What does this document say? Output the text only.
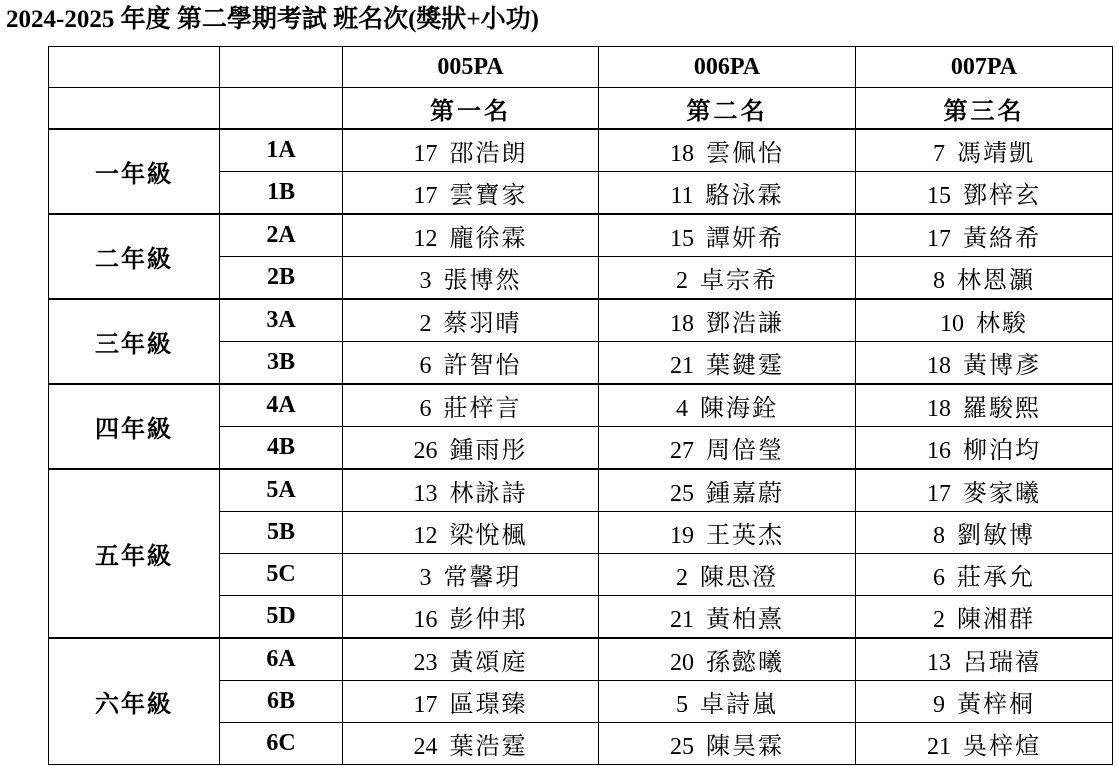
2024-2025 年度 第二學期考試 班名次(獎狀+小功)
		005PA	006PA	007PA
		第一名	第二名	第三名
一年級	1A	17 邵浩朗	18 雲佩怡	7 馮靖凱
	1B	17 雲寶家	11 駱泳霖	15 鄧梓玄
二年級	2A	12 龐徐霖	15 譚妍希	17 黃絡希
	2B	3 張博然	2 卓宗希	8 林恩灝
三年級	3A	2 蔡羽晴	18 鄧浩謙	10 林駿
	3B	6 許智怡	21 葉鍵霆	18 黃博彥
四年級	4A	6 莊梓言	4 陳海銓	18 羅駿熙
	4B	26 鍾雨彤	27 周倍瑩	16 柳泊均
五年級	5A	13 林詠詩	25 鍾嘉蔚	17 麥家曦
	5B	12 梁悅楓	19 王英杰	8 劉敏博
	5C	3 常馨玥	2 陳思澄	6 莊承允
	5D	16 彭仲邦	21 黃柏熹	2 陳湘群
六年級	6A	23 黃頌庭	20 孫懿曦	13 呂瑞禧
	6B	17 區璟臻	5 卓詩嵐	9 黃梓桐
	6C	24 葉浩霆	25 陳昊霖	21 吳梓煊
